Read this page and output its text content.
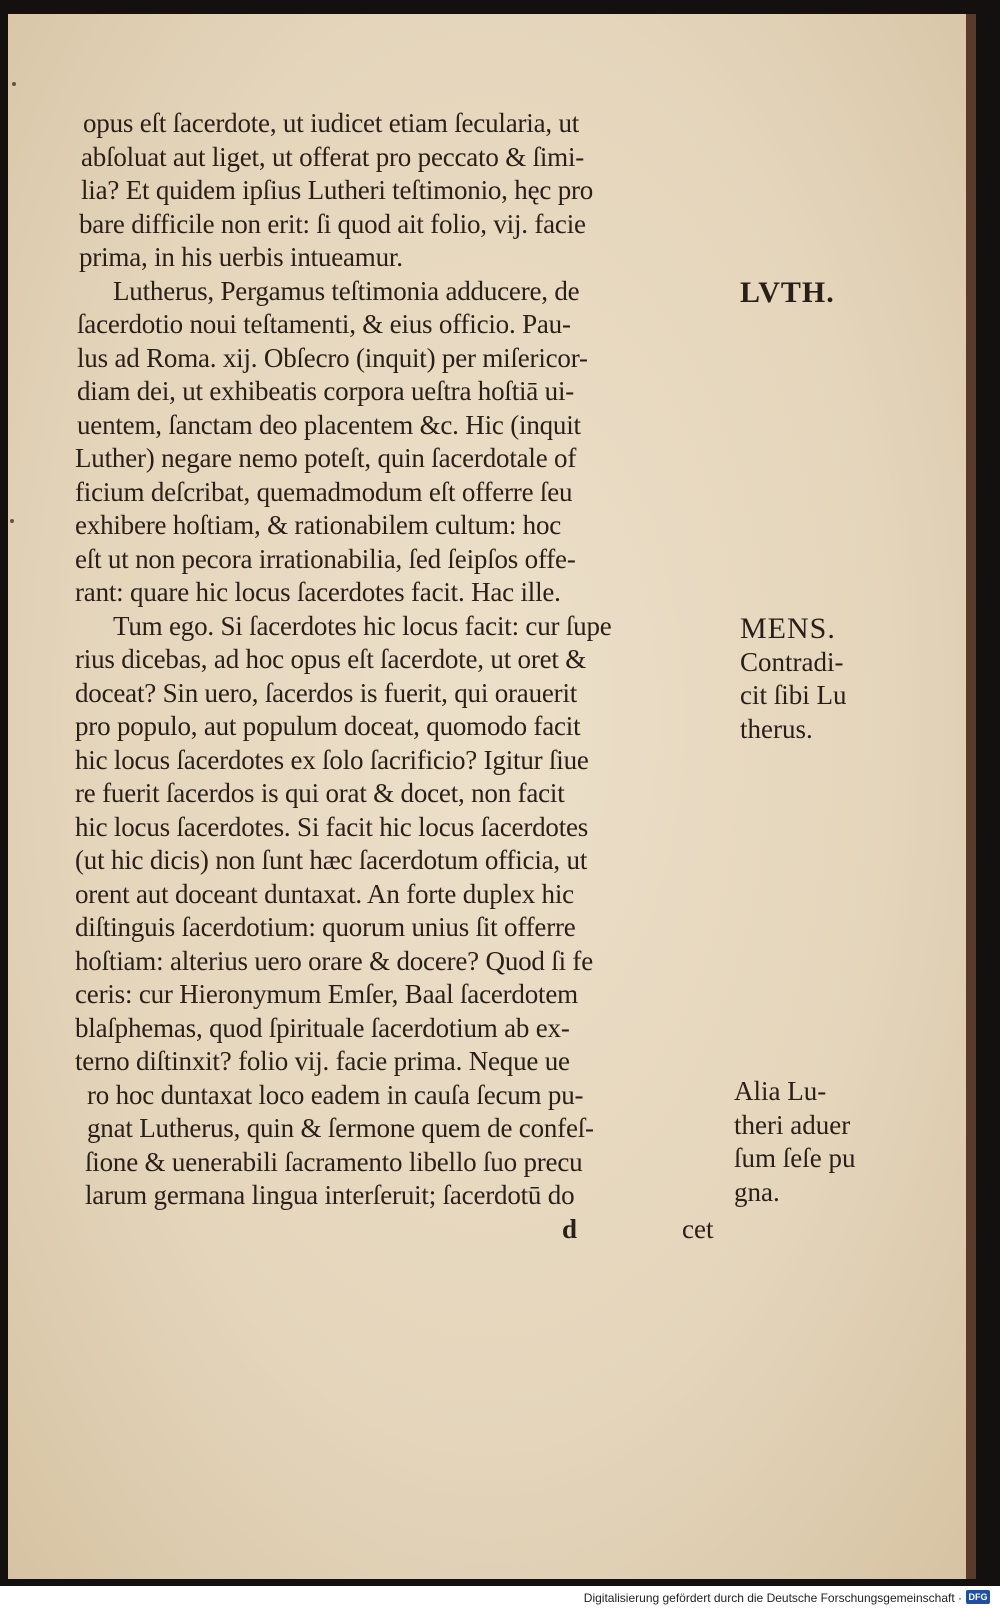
opus eſt ſacerdote, ut iudicet etiam ſecularia, ut
abſoluat aut liget, ut offerat pro peccato & ſimi-
lia? Et quidem ipſius Lutheri teſtimonio, hęc pro
bare difficile non erit: ſi quod ait folio, vij. facie
prima, in his uerbis intueamur.
Lutherus, Pergamus teſtimonia adducere, de
ſacerdotio noui teſtamenti, & eius officio. Pau-
lus ad Roma. xij. Obſecro (inquit) per miſericor-
diam dei, ut exhibeatis corpora ueſtra hoſtiā ui-
uentem, ſanctam deo placentem &c. Hic (inquit
Luther) negare nemo poteſt, quin ſacerdotale of
ficium deſcribat, quemadmodum eſt offerre ſeu
exhibere hoſtiam, & rationabilem cultum: hoc
eſt ut non pecora irrationabilia, ſed ſeipſos offe-
rant: quare hic locus ſacerdotes facit. Hac ille.
Tum ego. Si ſacerdotes hic locus facit: cur ſupe
rius dicebas, ad hoc opus eſt ſacerdote, ut oret &
doceat? Sin uero, ſacerdos is fuerit, qui orauerit
pro populo, aut populum doceat, quomodo facit
hic locus ſacerdotes ex ſolo ſacrificio? Igitur ſiue
re fuerit ſacerdos is qui orat & docet, non facit
hic locus ſacerdotes. Si facit hic locus ſacerdotes
(ut hic dicis) non ſunt hæc ſacerdotum officia, ut
orent aut doceant duntaxat. An forte duplex hic
diſtinguis ſacerdotium: quorum unius ſit offerre
hoſtiam: alterius uero orare & docere? Quod ſi fe
ceris: cur Hieronymum Emſer, Baal ſacerdotem
blaſphemas, quod ſpirituale ſacerdotium ab ex-
terno diſtinxit? folio vij. facie prima. Neque ue
ro hoc duntaxat loco eadem in cauſa ſecum pu-
gnat Lutherus, quin & ſermone quem de confeſ-
ſione & uenerabili ſacramento libello ſuo precu
larum germana lingua interſeruit; ſacerdotū do
LVTH.
MENS.
Contradi-
cit ſibi Lu
therus.
Alia Lu-
theri aduer
ſum ſeſe pu
gna.
d	cet
Digitalisierung gefördert durch die Deutsche Forschungsgemeinschaft · DFG
